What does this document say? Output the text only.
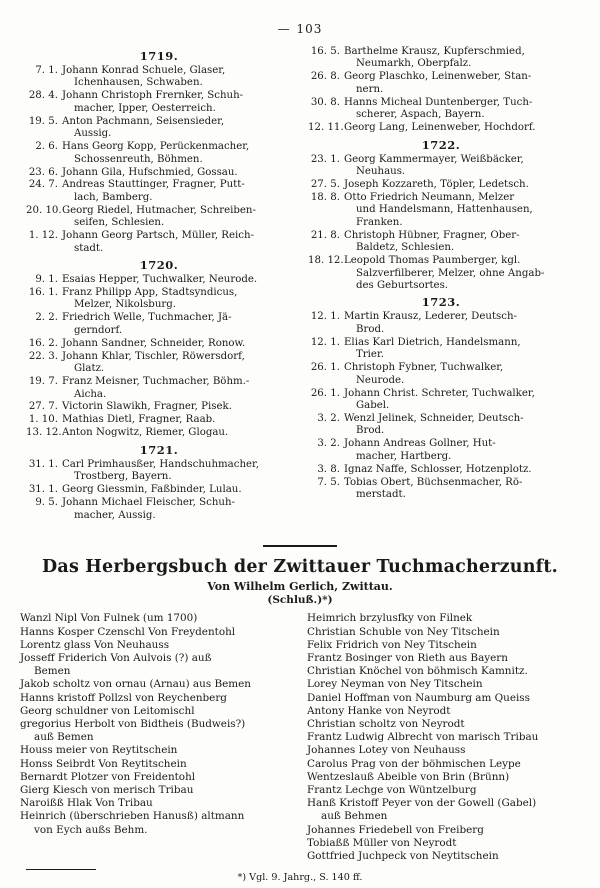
— 103
1719.
7. 1. Johann Konrad Schuele, Glaser,
Ichenhausen, Schwaben.
28. 4. Johann Christoph Frernker, Schuh-
macher, Ipper, Oesterreich.
19. 5. Anton Pachmann, Seisensieder,
Aussig.
2. 6. Hans Georg Kopp, Perückenmacher,
Schossenreuth, Böhmen.
23. 6. Johann Gila, Hufschmied, Gossau.
24. 7. Andreas Stauttinger, Fragner, Putt-
lach, Bamberg.
20. 10. Georg Riedel, Hutmacher, Schreiben-
seifen, Schlesien.
1. 12. Johann Georg Partsch, Müller, Reich-
stadt.
1720.
9. 1. Esaias Hepper, Tuchwalker, Neurode.
16. 1. Franz Philipp App, Stadtsyndicus,
Melzer, Nikolsburg.
2. 2. Friedrich Welle, Tuchmacher, Jä-
gerndorf.
16. 2. Johann Sandner, Schneider, Ronow.
22. 3. Johann Khlar, Tischler, Röwersdorf,
Glatz.
19. 7. Franz Meisner, Tuchmacher, Böhm.-
Aicha.
27. 7. Victorin Slawikh, Fragner, Pisek.
1. 10. Mathias Dietl, Fragner, Raab.
13. 12. Anton Nogwitz, Riemer, Glogau.
1721.
31. 1. Carl Primhausßer, Handschuhmacher,
Trostberg, Bayern.
31. 1. Georg Giessmin, Faßbinder, Lulau.
9. 5. Johann Michael Fleischer, Schuh-
macher, Aussig.
16. 5. Barthelme Krausz, Kupferschmied,
Neumarkh, Oberpfalz.
26. 8. Georg Plaschko, Leinenweber, Stan-
nern.
30. 8. Hanns Micheal Duntenberger, Tuch-
scherer, Aspach, Bayern.
12. 11. Georg Lang, Leinenweber, Hochdorf.
1722.
23. 1. Georg Kammermayer, Weißbäcker,
Neuhaus.
27. 5. Joseph Kozzareth, Töpler, Ledetsch.
18. 8. Otto Friedrich Neumann, Melzer
und Handelsmann, Hattenhausen,
Franken.
21. 8. Christoph Hübner, Fragner, Ober-
Baldetz, Schlesien.
18. 12. Leopold Thomas Paumberger, kgl.
Salzverfilberer, Melzer, ohne Angab-
des Geburtsortes.
1723.
12. 1. Martin Krausz, Lederer, Deutsch-
Brod.
12. 1. Elias Karl Dietrich, Handelsmann,
Trier.
26. 1. Christoph Fybner, Tuchwalker,
Neurode.
26. 1. Johann Christ. Schreter, Tuchwalker,
Gabel.
3. 2. Wenzl Jelinek, Schneider, Deutsch-
Brod.
3. 2. Johann Andreas Gollner, Hut-
macher, Hartberg.
3. 8. Ignaz Naffe, Schlosser, Hotzenplotz.
7. 5. Tobias Obert, Büchsenmacher, Rö-
merstadt.
Das Herbergsbuch der Zwittauer Tuchmacherzunft.
Von Wilhelm Gerlich, Zwittau.
(Schluß.)*)
Wanzl Nipl Von Fulnek (um 1700)
Hanns Kosper Czenschl Von Freydentohl
Lorentz glass Von Neuhauss
Josseff Friderich Von Aulvois (?) auß
Bemen
Jakob scholtz von ornau (Arnau) aus Bemen
Hanns kristoff Pollzsl von Reychenberg
Georg schuldner von Leitomischl
gregorius Herbolt von Bidtheis (Budweis?)
auß Bemen
Houss meier von Reytitschein
Honss Seibrdt Von Reytitschein
Bernardt Plotzer von Freidentohl
Gierg Kiesch von merisch Tribau
Naroißß Hlak Von Tribau
Heinrich (überschrieben Hanusß) altmann
von Eych außs Behm.
Heimrich brzylusfky von Filnek
Christian Schuble von Ney Titschein
Felix Fridrich von Ney Titschein
Frantz Bosinger von Rieth aus Bayern
Christian Knöchel von böhmisch Kamnitz.
Lorey Neyman von Ney Titschein
Daniel Hoffman von Naumburg am Queiss
Antony Hanke von Neyrodt
Christian scholtz von Neyrodt
Frantz Ludwig Albrecht von marisch Tribau
Johannes Lotey von Neuhauss
Carolus Prag von der böhmischen Leype
Wentzeslauß Abeible von Brin (Brünn)
Frantz Lechge von Wüntzelburg
Hanß Kristoff Peyer von der Gowell (Gabel)
auß Behmen
Johannes Friedebell von Freiberg
Tobiaßß Müller von Neyrodt
Gottfried Juchpeck von Neytitschein
*) Vgl. 9. Jahrg., S. 140 ff.
